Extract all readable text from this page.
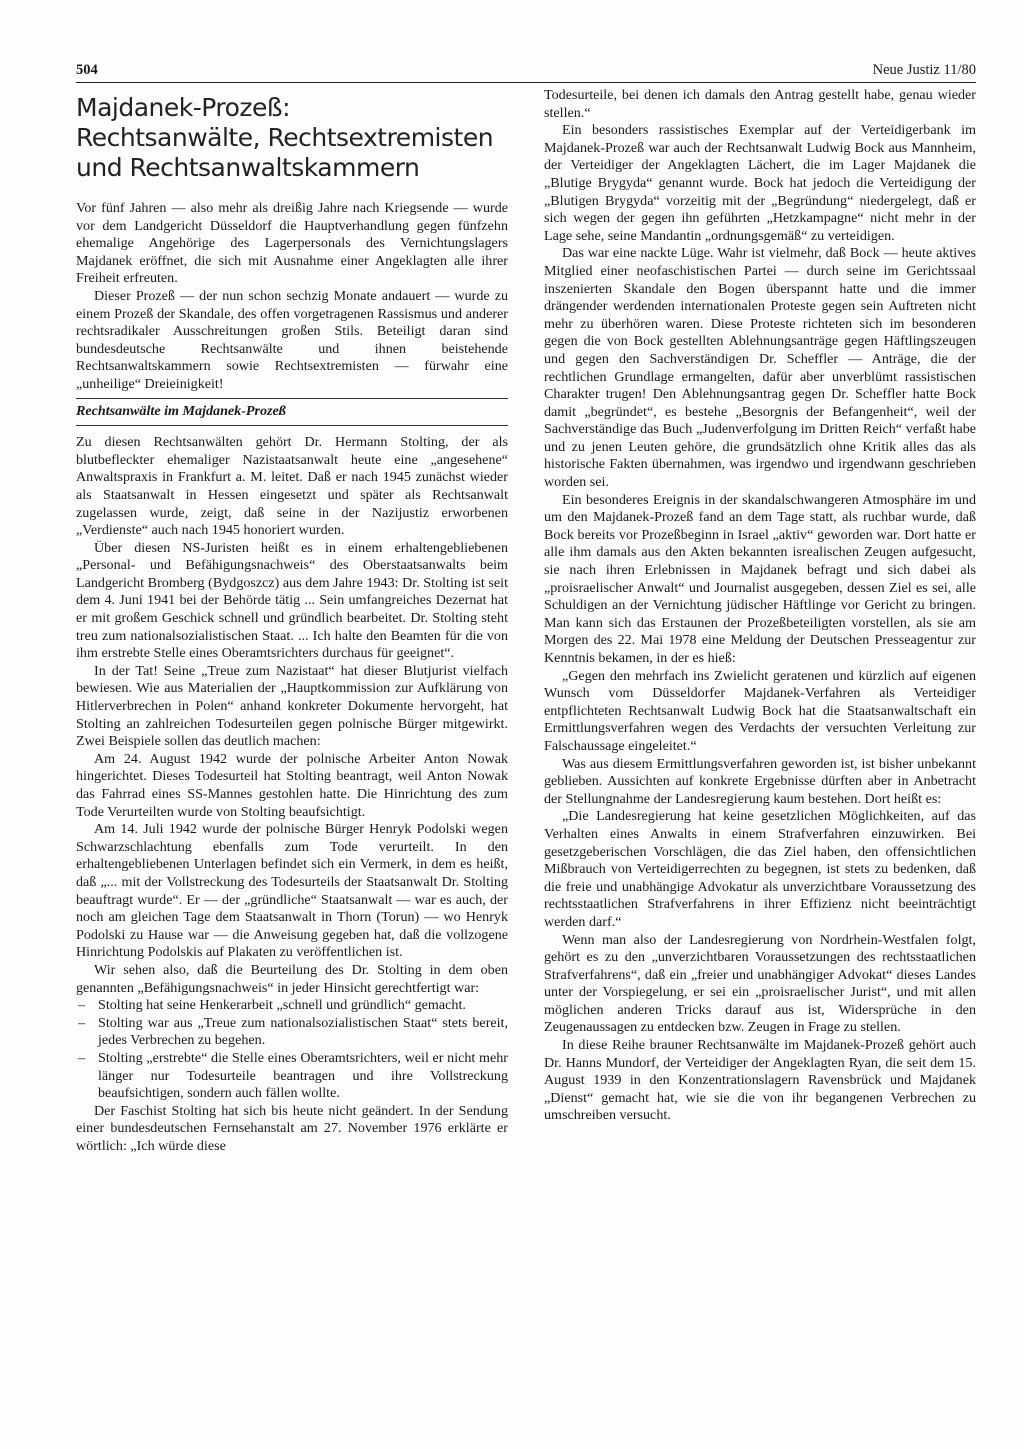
504	Neue Justiz 11/80
Majdanek-Prozeß:
Rechtsanwälte, Rechtsextremisten
und Rechtsanwaltskammern

Vor fünf Jahren — also mehr als dreißig Jahre nach Kriegsende — wurde vor dem Landgericht Düsseldorf die Hauptverhandlung gegen fünfzehn ehemalige Angehörige des Lagerpersonals des Vernichtungslagers Majdanek eröffnet, die sich mit Ausnahme einer Angeklagten alle ihrer Freiheit erfreuten.

Dieser Prozeß — der nun schon sechzig Monate andauert — wurde zu einem Prozeß der Skandale, des offen vorgetragenen Rassismus und anderer rechtsradikaler Ausschreitungen großen Stils. Beteiligt daran sind bundesdeutsche Rechtsanwälte und ihnen beistehende Rechtsanwaltskammern sowie Rechtsextremisten — fürwahr eine „unheilige“ Dreieinigkeit!

Rechtsanwälte im Majdanek-Prozeß

Zu diesen Rechtsanwälten gehört Dr. Hermann Stolting, der als blutbefleckter ehemaliger Nazistaatsanwalt heute eine „angesehene“ Anwaltspraxis in Frankfurt a. M. leitet. Daß er nach 1945 zunächst wieder als Staatsanwalt in Hessen eingesetzt und später als Rechtsanwalt zugelassen wurde, zeigt, daß seine in der Nazijustiz erworbenen „Verdienste“ auch nach 1945 honoriert wurden.

Über diesen NS-Juristen heißt es in einem erhaltengebliebenen „Personal- und Befähigungsnachweis“ des Oberstaatsanwalts beim Landgericht Bromberg (Bydgoszcz) aus dem Jahre 1943: Dr. Stolting ist seit dem 4. Juni 1941 bei der Behörde tätig ... Sein umfangreiches Dezernat hat er mit großem Geschick schnell und gründlich bearbeitet. Dr. Stolting steht treu zum nationalsozialistischen Staat. ... Ich halte den Beamten für die von ihm erstrebte Stelle eines Oberamtsrichters durchaus für geeignet“.

In der Tat! Seine „Treue zum Nazistaat“ hat dieser Blutjurist vielfach bewiesen. Wie aus Materialien der „Hauptkommission zur Aufklärung von Hitlerverbrechen in Polen“ anhand konkreter Dokumente hervorgeht, hat Stolting an zahlreichen Todesurteilen gegen polnische Bürger mitgewirkt. Zwei Beispiele sollen das deutlich machen:

Am 24. August 1942 wurde der polnische Arbeiter Anton Nowak hingerichtet. Dieses Todesurteil hat Stolting beantragt, weil Anton Nowak das Fahrrad eines SS-Mannes gestohlen hatte. Die Hinrichtung des zum Tode Verurteilten wurde von Stolting beaufsichtigt.

Am 14. Juli 1942 wurde der polnische Bürger Henryk Podolski wegen Schwarzschlachtung ebenfalls zum Tode verurteilt. In den erhaltengebliebenen Unterlagen befindet sich ein Vermerk, in dem es heißt, daß „... mit der Vollstreckung des Todesurteils der Staatsanwalt Dr. Stolting beauftragt wurde“. Er — der „gründliche“ Staatsanwalt — war es auch, der noch am gleichen Tage dem Staatsanwalt in Thorn (Torun) — wo Henryk Podolski zu Hause war — die Anweisung gegeben hat, daß die vollzogene Hinrichtung Podolskis auf Plakaten zu veröffentlichen ist.

Wir sehen also, daß die Beurteilung des Dr. Stolting in dem oben genannten „Befähigungsnachweis“ in jeder Hinsicht gerechtfertigt war:

– Stolting hat seine Henkerarbeit „schnell und gründlich“ gemacht.
– Stolting war aus „Treue zum nationalsozialistischen Staat“ stets bereit, jedes Verbrechen zu begehen.
– Stolting „erstrebte“ die Stelle eines Oberamtsrichters, weil er nicht mehr länger nur Todesurteile beantragen und ihre Vollstreckung beaufsichtigen, sondern auch fällen wollte.

Der Faschist Stolting hat sich bis heute nicht geändert. In der Sendung einer bundesdeutschen Fernsehanstalt am 27. November 1976 erklärte er wörtlich: „Ich würde diese

Todesurteile, bei denen ich damals den Antrag gestellt habe, genau wieder stellen.“

Ein besonders rassistisches Exemplar auf der Verteidigerbank im Majdanek-Prozeß war auch der Rechtsanwalt Ludwig Bock aus Mannheim, der Verteidiger der Angeklagten Lächert, die im Lager Majdanek die „Blutige Brygyda“ genannt wurde. Bock hat jedoch die Verteidigung der „Blutigen Brygyda“ vorzeitig mit der „Begründung“ niedergelegt, daß er sich wegen der gegen ihn geführten „Hetzkampagne“ nicht mehr in der Lage sehe, seine Mandantin „ordnungsgemäß“ zu verteidigen.

Das war eine nackte Lüge. Wahr ist vielmehr, daß Bock — heute aktives Mitglied einer neofaschistischen Partei — durch seine im Gerichtssaal inszenierten Skandale den Bogen überspannt hatte und die immer drängender werdenden internationalen Proteste gegen sein Auftreten nicht mehr zu überhören waren. Diese Proteste richteten sich im besonderen gegen die von Bock gestellten Ablehnungsanträge gegen Häftlingszeugen und gegen den Sachverständigen Dr. Scheffler — Anträge, die der rechtlichen Grundlage ermangelten, dafür aber unverblümt rassistischen Charakter trugen! Den Ablehnungsantrag gegen Dr. Scheffler hatte Bock damit „begründet“, es bestehe „Besorgnis der Befangenheit“, weil der Sachverständige das Buch „Judenverfolgung im Dritten Reich“ verfaßt habe und zu jenen Leuten gehöre, die grundsätzlich ohne Kritik alles das als historische Fakten übernahmen, was irgendwo und irgendwann geschrieben worden sei.

Ein besonderes Ereignis in der skandalschwangeren Atmosphäre im und um den Majdanek-Prozeß fand an dem Tage statt, als ruchbar wurde, daß Bock bereits vor Prozeßbeginn in Israel „aktiv“ geworden war. Dort hatte er alle ihm damals aus den Akten bekannten isrealischen Zeugen aufgesucht, sie nach ihren Erlebnissen in Majdanek befragt und sich dabei als „proisraelischer Anwalt“ und Journalist ausgegeben, dessen Ziel es sei, alle Schuldigen an der Vernichtung jüdischer Häftlinge vor Gericht zu bringen. Man kann sich das Erstaunen der Prozeßbeteiligten vorstellen, als sie am Morgen des 22. Mai 1978 eine Meldung der Deutschen Presseagentur zur Kenntnis bekamen, in der es hieß:

„Gegen den mehrfach ins Zwielicht geratenen und kürzlich auf eigenen Wunsch vom Düsseldorfer Majdanek-Verfahren als Verteidiger entpflichteten Rechtsanwalt Ludwig Bock hat die Staatsanwaltschaft ein Ermittlungsverfahren wegen des Verdachts der versuchten Verleitung zur Falschaussage eingeleitet.“

Was aus diesem Ermittlungsverfahren geworden ist, ist bisher unbekannt geblieben. Aussichten auf konkrete Ergebnisse dürften aber in Anbetracht der Stellungnahme der Landesregierung kaum bestehen. Dort heißt es:

„Die Landesregierung hat keine gesetzlichen Möglichkeiten, auf das Verhalten eines Anwalts in einem Strafverfahren einzuwirken. Bei gesetzgeberischen Vorschlägen, die das Ziel haben, den offensichtlichen Mißbrauch von Verteidigerrechten zu begegnen, ist stets zu bedenken, daß die freie und unabhängige Advokatur als unverzichtbare Voraussetzung des rechtsstaatlichen Strafverfahrens in ihrer Effizienz nicht beeinträchtigt werden darf.“

Wenn man also der Landesregierung von Nordrhein-Westfalen folgt, gehört es zu den „unverzichtbaren Voraussetzungen des rechtsstaatlichen Strafverfahrens“, daß ein „freier und unabhängiger Advokat“ dieses Landes unter der Vorspiegelung, er sei ein „proisraelischer Jurist“, und mit allen möglichen anderen Tricks darauf aus ist, Widersprüche in den Zeugenaussagen zu entdecken bzw. Zeugen in Frage zu stellen.

In diese Reihe brauner Rechtsanwälte im Majdanek-Prozeß gehört auch Dr. Hanns Mundorf, der Verteidiger der Angeklagten Ryan, die seit dem 15. August 1939 in den Konzentrationslagern Ravensbrück und Majdanek „Dienst“ gemacht hat, wie sie die von ihr begangenen Verbrechen zu umschreiben versucht.
